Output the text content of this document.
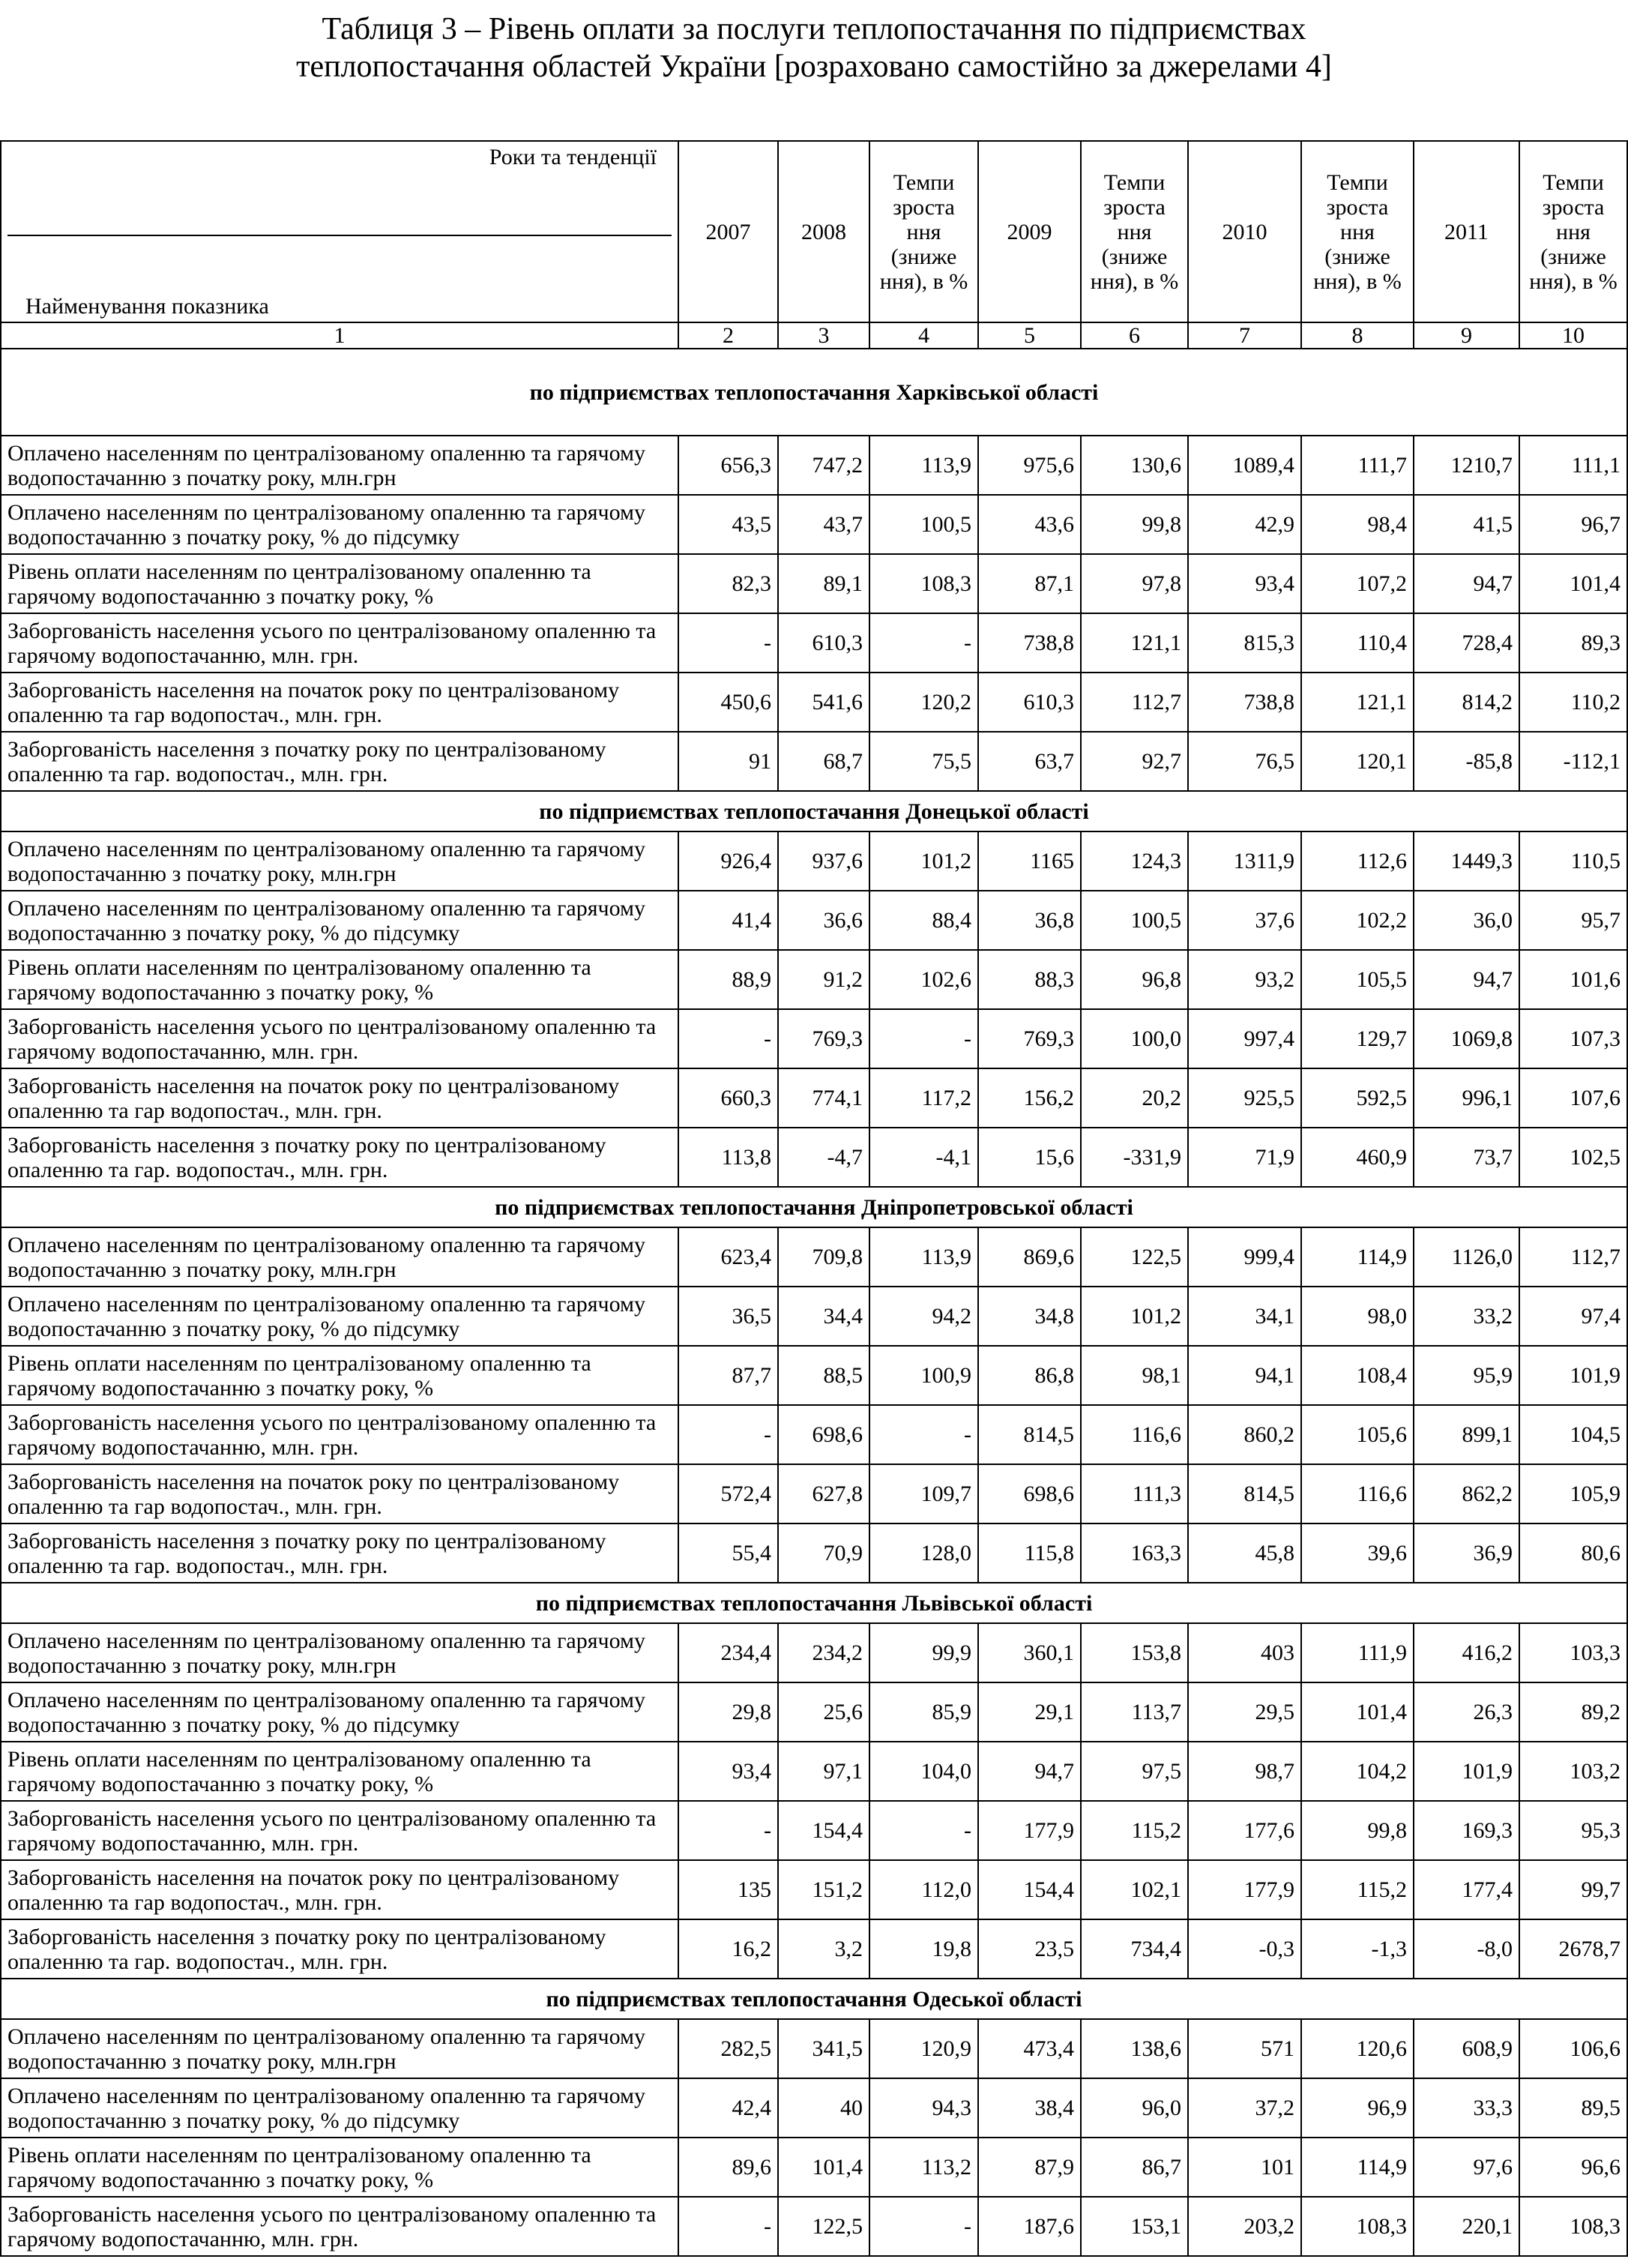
Таблиця 3 – Рівень оплати за послуги теплопостачання по підприємствах
теплопостачання областей України [розраховано самостійно за джерелами 4]
Роки та тенденції
Найменування показника	2007	2008	Темпи зроста ння (зниже ння), в %	2009	Темпи зроста ння (зниже ння), в %	2010	Темпи зроста ння (зниже ння), в %	2011	Темпи зроста ння (зниже ння), в %
1	2	3	4	5	6	7	8	9	10
по підприємствах теплопостачання Харківської області									
Оплачено населенням по централізованому опаленню та гарячому водопостачанню з початку року, млн.грн	656,3	747,2	113,9	975,6	130,6	1089,4	111,7	1210,7	111,1
Оплачено населенням по централізованому опаленню та гарячому водопостачанню з початку року, % до підсумку	43,5	43,7	100,5	43,6	99,8	42,9	98,4	41,5	96,7
Рівень оплати населенням по централізованому опаленню та гарячому водопостачанню з початку року, %	82,3	89,1	108,3	87,1	97,8	93,4	107,2	94,7	101,4
Заборгованість населення усього по централізованому опаленню та гарячому водопостачанню, млн. грн.	-	610,3	-	738,8	121,1	815,3	110,4	728,4	89,3
Заборгованість населення на початок року по централізованому опаленню та гар водопостач., млн. грн.	450,6	541,6	120,2	610,3	112,7	738,8	121,1	814,2	110,2
Заборгованість населення з початку року по централізованому опаленню та гар. водопостач., млн. грн.	91	68,7	75,5	63,7	92,7	76,5	120,1	-85,8	-112,1
по підприємствах теплопостачання Донецької області									
Оплачено населенням по централізованому опаленню та гарячому водопостачанню з початку року, млн.грн	926,4	937,6	101,2	1165	124,3	1311,9	112,6	1449,3	110,5
Оплачено населенням по централізованому опаленню та гарячому водопостачанню з початку року, % до підсумку	41,4	36,6	88,4	36,8	100,5	37,6	102,2	36,0	95,7
Рівень оплати населенням по централізованому опаленню та гарячому водопостачанню з початку року, %	88,9	91,2	102,6	88,3	96,8	93,2	105,5	94,7	101,6
Заборгованість населення усього по централізованому опаленню та гарячому водопостачанню, млн. грн.	-	769,3	-	769,3	100,0	997,4	129,7	1069,8	107,3
Заборгованість населення на початок року по централізованому опаленню та гар водопостач., млн. грн.	660,3	774,1	117,2	156,2	20,2	925,5	592,5	996,1	107,6
Заборгованість населення з початку року по централізованому опаленню та гар. водопостач., млн. грн.	113,8	-4,7	-4,1	15,6	-331,9	71,9	460,9	73,7	102,5
по підприємствах теплопостачання Дніпропетровської області									
Оплачено населенням по централізованому опаленню та гарячому водопостачанню з початку року, млн.грн	623,4	709,8	113,9	869,6	122,5	999,4	114,9	1126,0	112,7
Оплачено населенням по централізованому опаленню та гарячому водопостачанню з початку року, % до підсумку	36,5	34,4	94,2	34,8	101,2	34,1	98,0	33,2	97,4
Рівень оплати населенням по централізованому опаленню та гарячому водопостачанню з початку року, %	87,7	88,5	100,9	86,8	98,1	94,1	108,4	95,9	101,9
Заборгованість населення усього по централізованому опаленню та гарячому водопостачанню, млн. грн.	-	698,6	-	814,5	116,6	860,2	105,6	899,1	104,5
Заборгованість населення на початок року по централізованому опаленню та гар водопостач., млн. грн.	572,4	627,8	109,7	698,6	111,3	814,5	116,6	862,2	105,9
Заборгованість населення з початку року по централізованому опаленню та гар. водопостач., млн. грн.	55,4	70,9	128,0	115,8	163,3	45,8	39,6	36,9	80,6
по підприємствах теплопостачання Львівської області									
Оплачено населенням по централізованому опаленню та гарячому водопостачанню з початку року, млн.грн	234,4	234,2	99,9	360,1	153,8	403	111,9	416,2	103,3
Оплачено населенням по централізованому опаленню та гарячому водопостачанню з початку року, % до підсумку	29,8	25,6	85,9	29,1	113,7	29,5	101,4	26,3	89,2
Рівень оплати населенням по централізованому опаленню та гарячому водопостачанню з початку року, %	93,4	97,1	104,0	94,7	97,5	98,7	104,2	101,9	103,2
Заборгованість населення усього по централізованому опаленню та гарячому водопостачанню, млн. грн.	-	154,4	-	177,9	115,2	177,6	99,8	169,3	95,3
Заборгованість населення на початок року по централізованому опаленню та гар водопостач., млн. грн.	135	151,2	112,0	154,4	102,1	177,9	115,2	177,4	99,7
Заборгованість населення з початку року по централізованому опаленню та гар. водопостач., млн. грн.	16,2	3,2	19,8	23,5	734,4	-0,3	-1,3	-8,0	2678,7
по підприємствах теплопостачання Одеської області									
Оплачено населенням по централізованому опаленню та гарячому водопостачанню з початку року, млн.грн	282,5	341,5	120,9	473,4	138,6	571	120,6	608,9	106,6
Оплачено населенням по централізованому опаленню та гарячому водопостачанню з початку року, % до підсумку	42,4	40	94,3	38,4	96,0	37,2	96,9	33,3	89,5
Рівень оплати населенням по централізованому опаленню та гарячому водопостачанню з початку року, %	89,6	101,4	113,2	87,9	86,7	101	114,9	97,6	96,6
Заборгованість населення усього по централізованому опаленню та гарячому водопостачанню, млн. грн.	-	122,5	-	187,6	153,1	203,2	108,3	220,1	108,3
